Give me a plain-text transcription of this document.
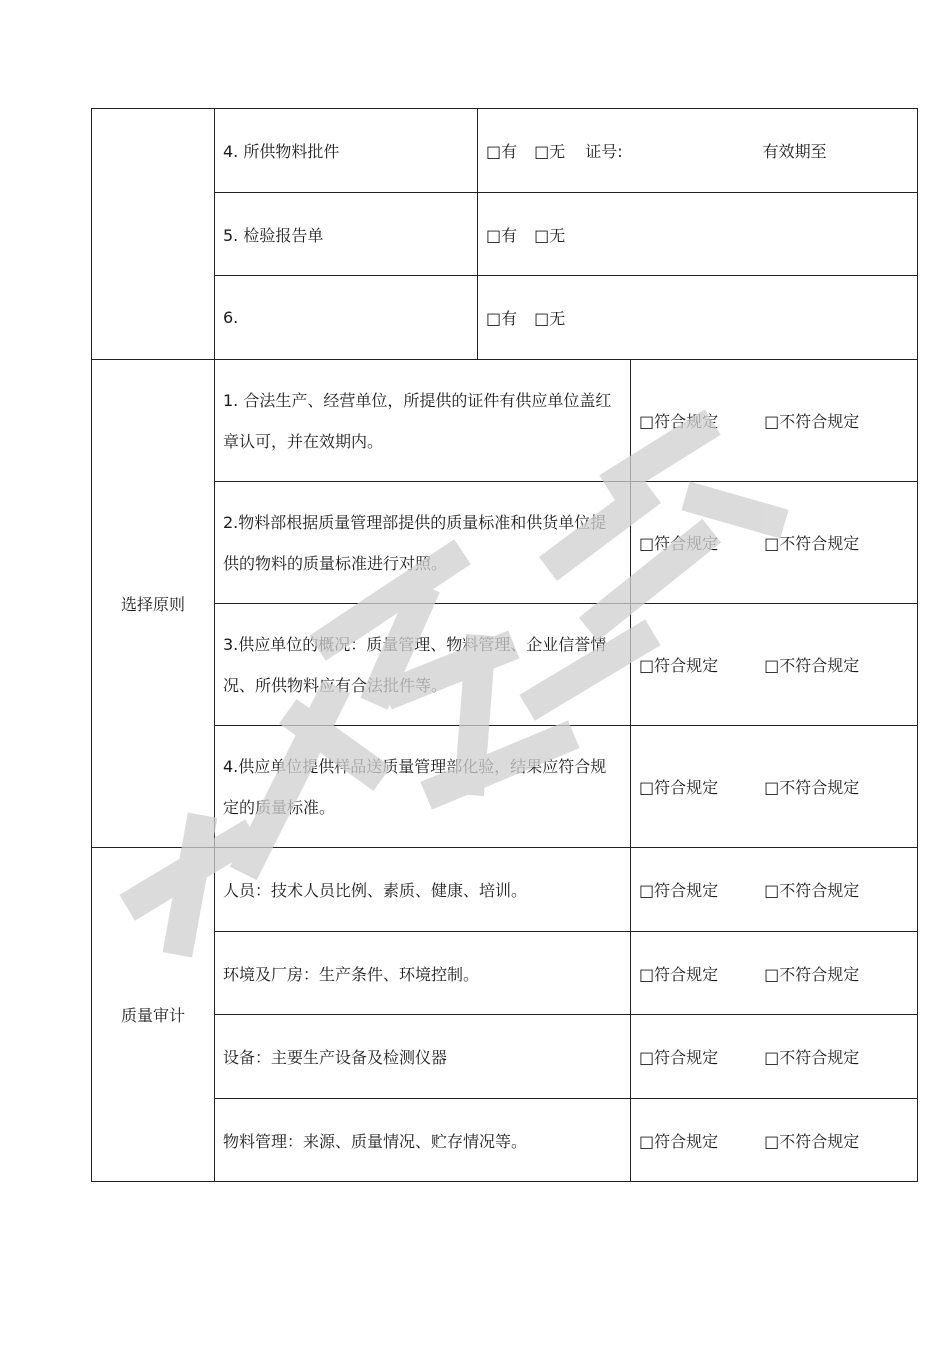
	4. 所供物料批件	□有 □无 证号: 有效期至	
	5. 检验报告单	□有 □无	
	6.	□有 □无	
选择原则	1. 合法生产、经营单位，所提供的证件有供应单位盖红章认可，并在效期内。		□符合规定 □不符合规定
	2.物料部根据质量管理部提供的质量标准和供货单位提供的物料的质量标准进行对照。		□符合规定 □不符合规定
	3.供应单位的概况：质量管理、物料管理、企业信誉情况、所供物料应有合法批件等。		□符合规定 □不符合规定
	4.供应单位提供样品送质量管理部化验，结果应符合规定的质量标准。		□符合规定 □不符合规定
质量审计	人员：技术人员比例、素质、健康、培训。		□符合规定 □不符合规定
	环境及厂房：生产条件、环境控制。		□符合规定 □不符合规定
	设备：主要生产设备及检测仪器		□符合规定 □不符合规定
	物料管理：来源、质量情况、贮存情况等。		□符合规定 □不符合规定
